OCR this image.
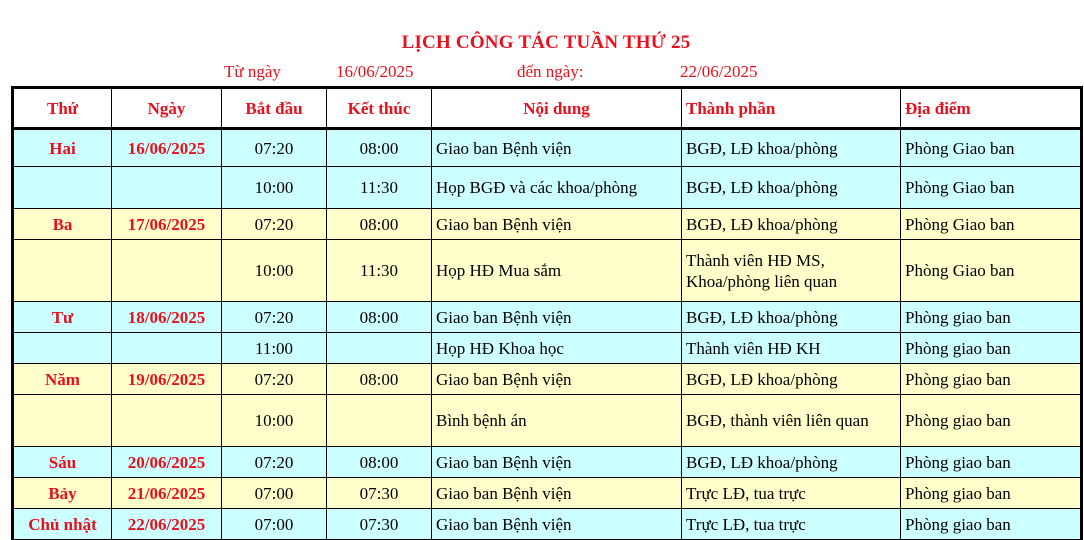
LỊCH CÔNG TÁC TUẦN THỨ 25
Từ ngày	16/06/2025	đến ngày:	22/06/2025
Thứ	Ngày	Bắt đầu	Kết thúc	Nội dung	Thành phần	Địa điểm
Hai	16/06/2025	07:20	08:00	Giao ban Bệnh viện	BGĐ, LĐ khoa/phòng	Phòng Giao ban
		10:00	11:30	Họp BGĐ và các khoa/phòng	BGĐ, LĐ khoa/phòng	Phòng Giao ban
Ba	17/06/2025	07:20	08:00	Giao ban Bệnh viện	BGĐ, LĐ khoa/phòng	Phòng Giao ban
		10:00	11:30	Họp HĐ Mua sắm	Thành viên HĐ MS, Khoa/phòng liên quan	Phòng Giao ban
Tư	18/06/2025	07:20	08:00	Giao ban Bệnh viện	BGĐ, LĐ khoa/phòng	Phòng giao ban
		11:00		Họp HĐ Khoa học	Thành viên HĐ KH	Phòng giao ban
Năm	19/06/2025	07:20	08:00	Giao ban Bệnh viện	BGĐ, LĐ khoa/phòng	Phòng giao ban
		10:00		Bình bệnh án	BGĐ, thành viên liên quan	Phòng giao ban
Sáu	20/06/2025	07:20	08:00	Giao ban Bệnh viện	BGĐ, LĐ khoa/phòng	Phòng giao ban
Bảy	21/06/2025	07:00	07:30	Giao ban Bệnh viện	Trực LĐ, tua trực	Phòng giao ban
Chủ nhật	22/06/2025	07:00	07:30	Giao ban Bệnh viện	Trực LĐ, tua trực	Phòng giao ban
